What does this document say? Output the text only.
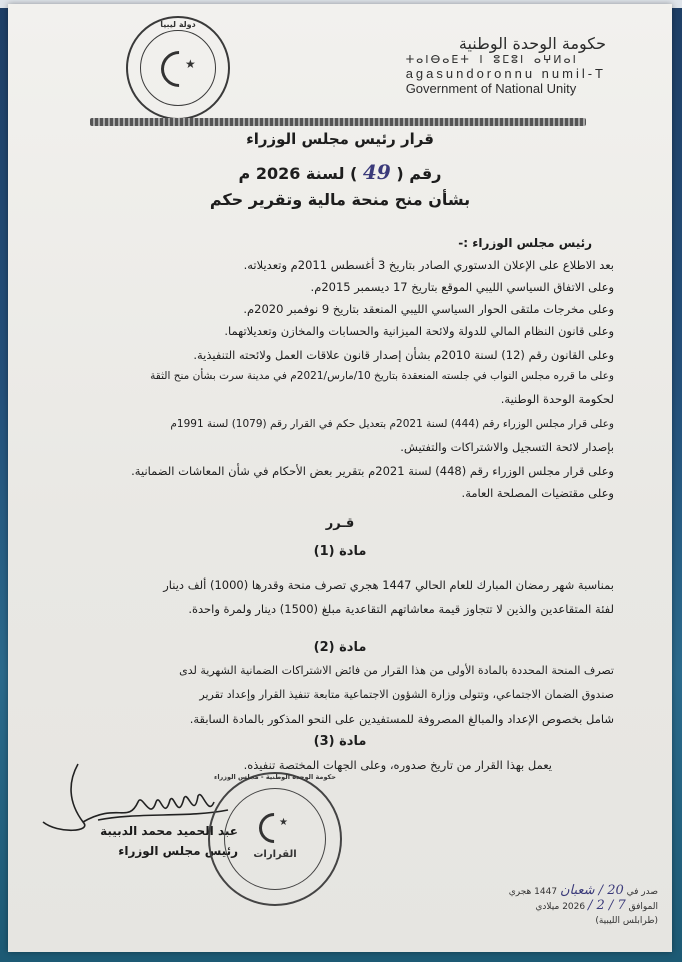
★
دولة ليبيا
حكومة الوحدة الوطنية
ⵜⴰⵏⴱⴰⴹⵜ ⵏ ⵓⵎⵓⵏ ⴰⵖⵍⴰⵏ
agasundoronnu numil-T
Government of National Unity
قرار رئيس مجلس الوزراء
رقم ( 49 ) لسنة 2026 م
بشأن منح منحة مالية وتقرير حكم
رئيس مجلس الوزراء :-
بعد الاطلاع على الإعلان الدستوري الصادر بتاريخ 3 أغسطس 2011م وتعديلاته.
وعلى الاتفاق السياسي الليبي الموقع بتاريخ 17 ديسمبر 2015م.
وعلى مخرجات ملتقى الحوار السياسي الليبي المنعقد بتاريخ 9 نوفمبر 2020م.
وعلى قانون النظام المالي للدولة ولائحة الميزانية والحسابات والمخازن وتعديلاتهما.
وعلى القانون رقم (12) لسنة 2010م بشأن إصدار قانون علاقات العمل ولائحته التنفيذية.
وعلى ما قرره مجلس النواب في جلسته المنعقدة بتاريخ 10/مارس/2021م في مدينة سرت بشأن منح الثقة
لحكومة الوحدة الوطنية.
وعلى قرار مجلس الوزراء رقم (444) لسنة 2021م بتعديل حكم في القرار رقم (1079) لسنة 1991م
بإصدار لائحة التسجيل والاشتراكات والتفتيش.
وعلى قرار مجلس الوزراء رقم (448) لسنة 2021م بتقرير بعض الأحكام في شأن المعاشات الضمانية.
وعلى مقتضيات المصلحة العامة.
قـرر
مادة (1)
بمناسبة شهر رمضان المبارك للعام الحالي 1447 هجري تصرف منحة وقدرها (1000) ألف دينار
لفئة المتقاعدين والذين لا تتجاوز قيمة معاشاتهم التقاعدية مبلغ (1500) دينار ولمرة واحدة.
مادة (2)
تصرف المنحة المحددة بالمادة الأولى من هذا القرار من فائض الاشتراكات الضمانية الشهرية لدى
صندوق الضمان الاجتماعي، وتتولى وزارة الشؤون الاجتماعية متابعة تنفيذ القرار وإعداد تقرير
شامل بخصوص الإعداد والمبالغ المصروفة للمستفيدين على النحو المذكور بالمادة السابقة.
مادة (3)
يعمل بهذا القرار من تاريخ صدوره، وعلى الجهات المختصة تنفيذه.
عبد الحميد محمد الدبيبة
رئيس مجلس الوزراء
حكومة الوحدة الوطنية - مجلس الوزراء
★
القرارات
صدر في 20 / شعبان 1447 هجري
الموافق 7 / 2 / 2026 ميلادي
(طرابلس الليبية)
